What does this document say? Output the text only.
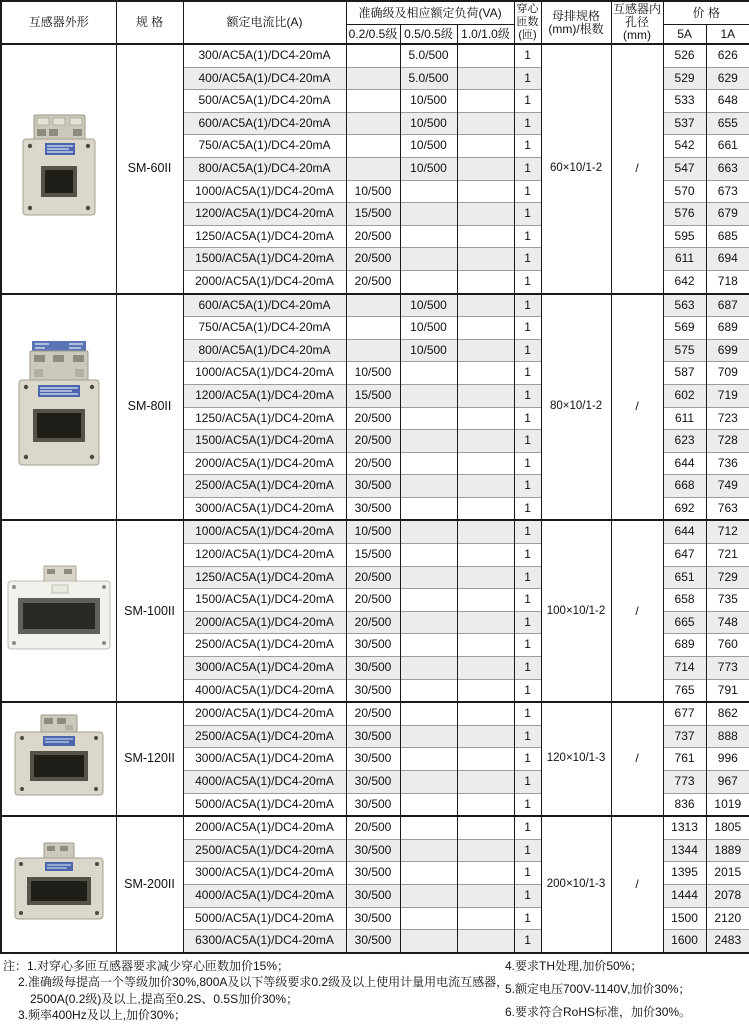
互感器外形	规 格	额定电流比(A)	准确级及相应额定负荷(VA)			穿心
匝数
(匝)	母排规格
(mm)/根数	互感器内
孔径(mm)	价 格	
			0.2/0.5级	0.5/0.5级	1.0/1.0级				5A	1A
	SM-60II	300/AC5A(1)/DC4-20mA		5.0/500		1	60×10/1-2	/	526	626
		400/AC5A(1)/DC4-20mA		5.0/500		1			529	629
		500/AC5A(1)/DC4-20mA		10/500		1			533	648
		600/AC5A(1)/DC4-20mA		10/500		1			537	655
		750/AC5A(1)/DC4-20mA		10/500		1			542	661
		800/AC5A(1)/DC4-20mA		10/500		1			547	663
		1000/AC5A(1)/DC4-20mA	10/500			1			570	673
		1200/AC5A(1)/DC4-20mA	15/500			1			576	679
		1250/AC5A(1)/DC4-20mA	20/500			1			595	685
		1500/AC5A(1)/DC4-20mA	20/500			1			611	694
		2000/AC5A(1)/DC4-20mA	20/500			1			642	718
	SM-80II	600/AC5A(1)/DC4-20mA		10/500		1	80×10/1-2	/	563	687
		750/AC5A(1)/DC4-20mA		10/500		1			569	689
		800/AC5A(1)/DC4-20mA		10/500		1			575	699
		1000/AC5A(1)/DC4-20mA	10/500			1			587	709
		1200/AC5A(1)/DC4-20mA	15/500			1			602	719
		1250/AC5A(1)/DC4-20mA	20/500			1			611	723
		1500/AC5A(1)/DC4-20mA	20/500			1			623	728
		2000/AC5A(1)/DC4-20mA	20/500			1			644	736
		2500/AC5A(1)/DC4-20mA	30/500			1			668	749
		3000/AC5A(1)/DC4-20mA	30/500			1			692	763
	SM-100II	1000/AC5A(1)/DC4-20mA	10/500			1	100×10/1-2	/	644	712
		1200/AC5A(1)/DC4-20mA	15/500			1			647	721
		1250/AC5A(1)/DC4-20mA	20/500			1			651	729
		1500/AC5A(1)/DC4-20mA	20/500			1			658	735
		2000/AC5A(1)/DC4-20mA	20/500			1			665	748
		2500/AC5A(1)/DC4-20mA	30/500			1			689	760
		3000/AC5A(1)/DC4-20mA	30/500			1			714	773
		4000/AC5A(1)/DC4-20mA	30/500			1			765	791
	SM-120II	2000/AC5A(1)/DC4-20mA	20/500			1	120×10/1-3	/	677	862
		2500/AC5A(1)/DC4-20mA	30/500			1			737	888
		3000/AC5A(1)/DC4-20mA	30/500			1			761	996
		4000/AC5A(1)/DC4-20mA	30/500			1			773	967
		5000/AC5A(1)/DC4-20mA	30/500			1			836	1019
	SM-200II	2000/AC5A(1)/DC4-20mA	20/500			1	200×10/1-3	/	1313	1805
		2500/AC5A(1)/DC4-20mA	30/500			1			1344	1889
		3000/AC5A(1)/DC4-20mA	30/500			1			1395	2015
		4000/AC5A(1)/DC4-20mA	30/500			1			1444	2078
		5000/AC5A(1)/DC4-20mA	30/500			1			1500	2120
		6300/AC5A(1)/DC4-20mA	30/500			1			1600	2483
注：1.对穿心多匝互感器要求减少穿心匝数加价15%；
2.准确级每提高一个等级加价30%,800A及以下等级要求0.2级及以上使用计量用电流互感器，
2500A(0.2级)及以上,提高至0.2S、0.5S加价30%；
3.频率400Hz及以上,加价30%；
4.要求TH处理,加价50%；
5.额定电压700V-1140V,加价30%；
6.要求符合RoHS标准，加价30%。
